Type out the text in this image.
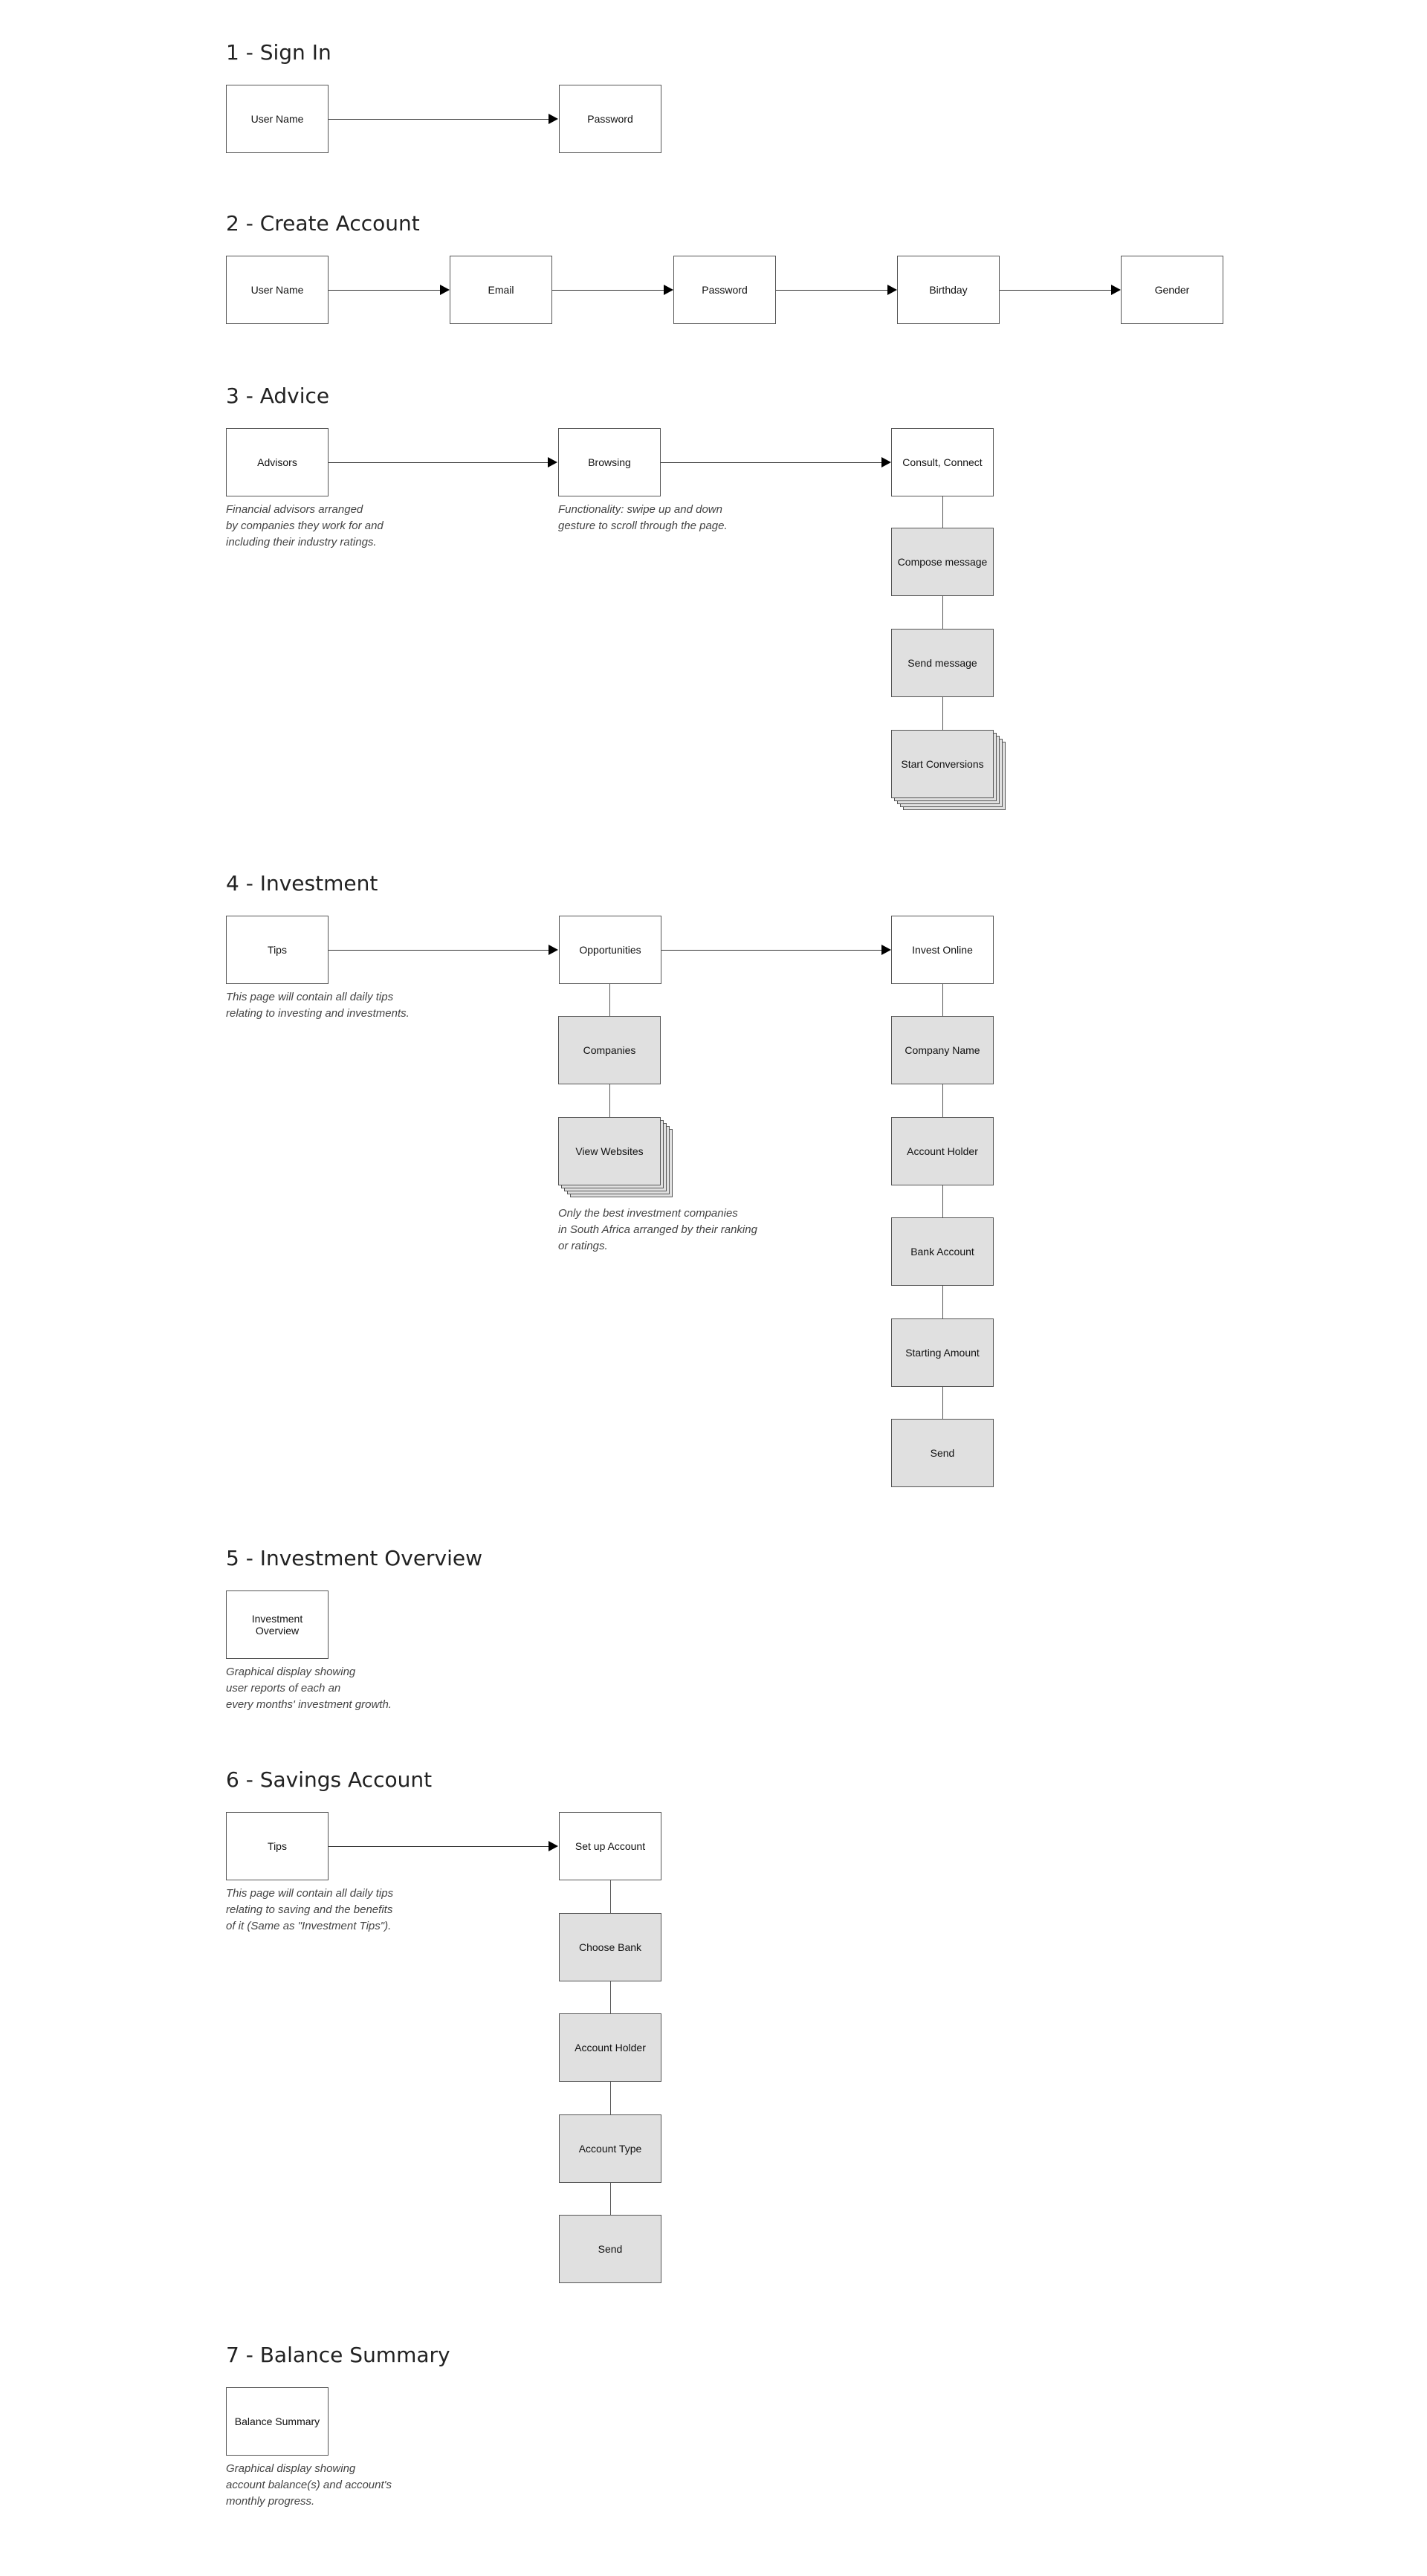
1 - Sign In
User Name	Password
2 - Create Account
User Name	Email	Password	Birthday	Gender
3 - Advice
Advisors	Browsing	Consult, Connect
Compose message
Send message
Start Conversions
Financial advisors arranged
by companies they work for and
including their industry ratings.
Functionality: swipe up and down
gesture to scroll through the page.
4 - Investment
Tips	Opportunities	Invest Online
Companies
View Websites
Only the best investment companies
in South Africa arranged by their ranking
or ratings.
Company Name
Account Holder
Bank Account
Starting Amount
Send
This page will contain all daily tips
relating to investing and investments.
5 - Investment Overview
Investment Overview
Graphical display showing
user reports of each an
every months' investment growth.
6 - Savings Account
Tips	Set up Account
Choose Bank
Account Holder
Account Type
Send
This page will contain all daily tips
relating to saving and the benefits
of it (Same as "Investment Tips").
7 - Balance Summary
Balance Summary
Graphical display showing
account balance(s) and account's
monthly progress.
